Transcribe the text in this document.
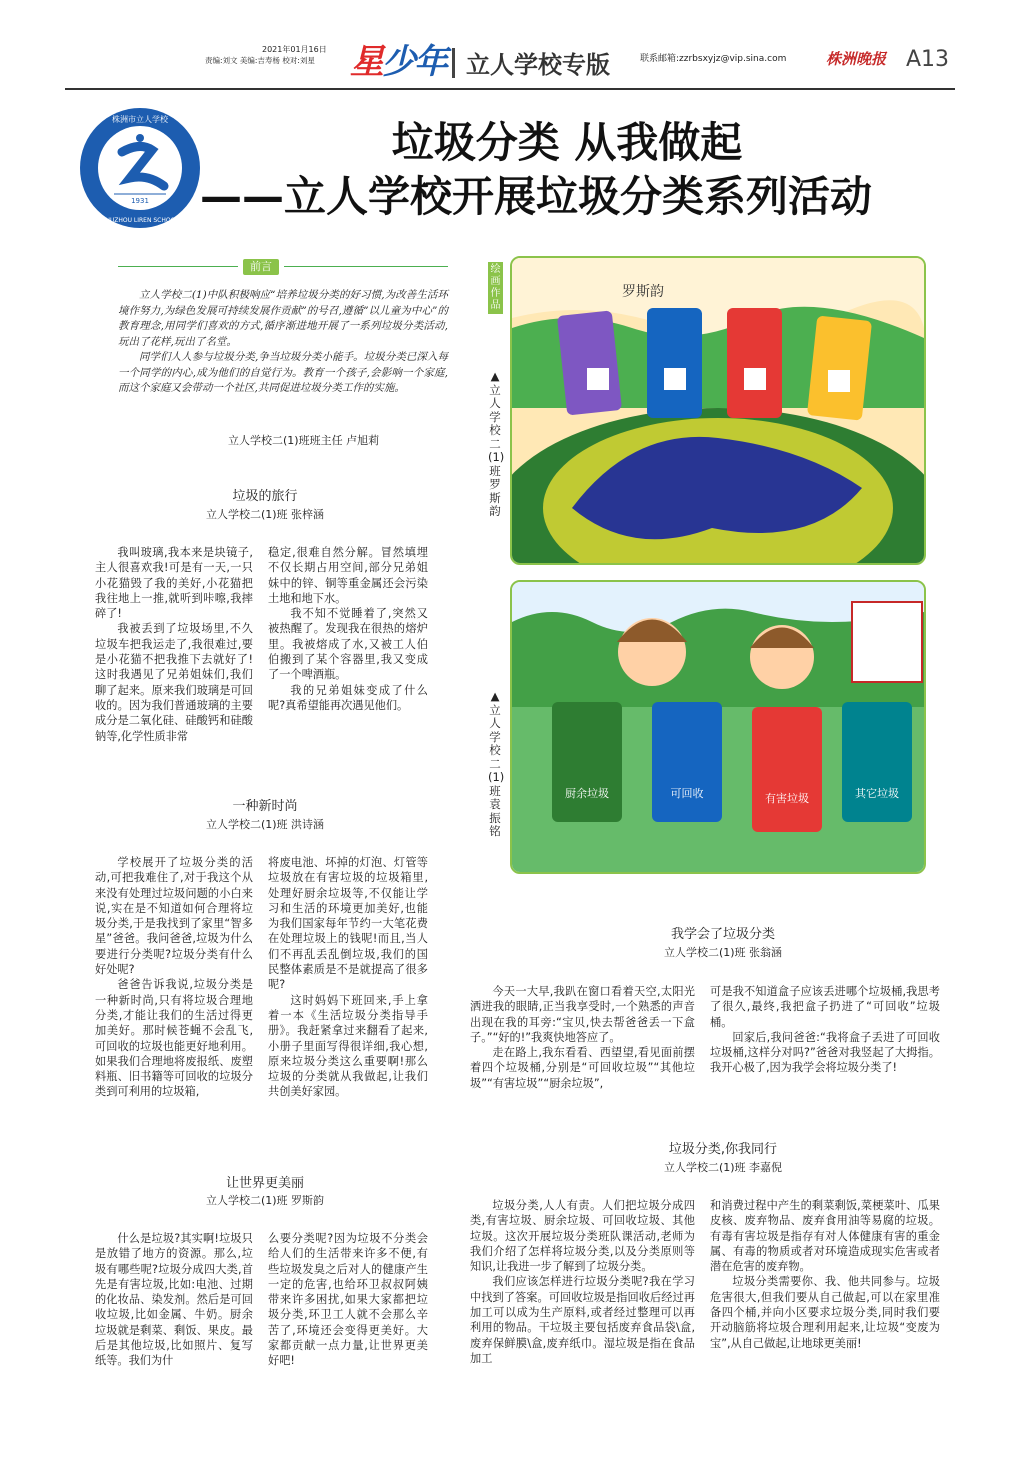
2021年01月16日
责编:刘文 美编:吉寿杨 校对:刘星 星少年 立人学校专版	联系邮箱:zzrbsxyjz@vip.sina.com	株洲晚报 A13
1931
株洲市立人学校
ZHUZHOU LIREN SCHOOL
垃圾分类 从我做起
——立人学校开展垃圾分类系列活动
前言

立人学校二(1)中队积极响应“培养垃圾分类的好习惯,为改善生活环境作努力,为绿色发展可持续发展作贡献”的号召,遵循”以儿童为中心”的教育理念,用同学们喜欢的方式,循序渐进地开展了一系列垃圾分类活动,玩出了花样,玩出了名堂。

同学们人人参与垃圾分类,争当垃圾分类小能手。垃圾分类已深入每一个同学的内心,成为他们的自觉行为。教育一个孩子,会影响一个家庭,而这个家庭又会带动一个社区,共同促进垃圾分类工作的实施。

立人学校二(1)班班主任 卢旭莉
垃圾的旅行
立人学校二(1)班 张梓涵

我叫玻璃,我本来是块镜子,主人很喜欢我!可是有一天,一只小花猫毁了我的美好,小花猫把我往地上一推,就听到咔嚓,我摔碎了!

我被丢到了垃圾场里,不久垃圾车把我运走了,我很难过,要是小花猫不把我推下去就好了!这时我遇见了兄弟姐妹们,我们聊了起来。原来我们玻璃是可回收的。因为我们普通玻璃的主要成分是二氧化硅、硅酸钙和硅酸钠等,化学性质非常

稳定,很难自然分解。冒然填埋不仅长期占用空间,部分兄弟姐妹中的锌、铜等重金属还会污染土地和地下水。

我不知不觉睡着了,突然又被热醒了。发现我在很热的熔炉里。我被熔成了水,又被工人伯伯搬到了某个容器里,我又变成了一个啤酒瓶。

我的兄弟姐妹变成了什么呢?真希望能再次遇见他们。

一种新时尚
立人学校二(1)班 洪诗涵

学校展开了垃圾分类的活动,可把我难住了,对于我这个从来没有处理过垃圾问题的小白来说,实在是不知道如何合理将垃圾分类,于是我找到了家里“智多星”爸爸。我问爸爸,垃圾为什么要进行分类呢?垃圾分类有什么好处呢?

爸爸告诉我说,垃圾分类是一种新时尚,只有将垃圾合理地分类,才能让我们的生活过得更加美好。那时候苍蝇不会乱飞,可回收的垃圾也能更好地利用。如果我们合理地将废报纸、废塑料瓶、旧书籍等可回收的垃圾分类到可利用的垃圾箱,

将废电池、坏掉的灯泡、灯管等垃圾放在有害垃圾的垃圾箱里,处理好厨余垃圾等,不仅能让学习和生活的环境更加美好,也能为我们国家每年节约一大笔花费在处理垃圾上的钱呢!而且,当人们不再乱丢乱倒垃圾,我们的国民整体素质是不是就提高了很多呢?

这时妈妈下班回来,手上拿着一本《生活垃圾分类指导手册》。我赶紧拿过来翻看了起来,小册子里面写得很详细,我心想,原来垃圾分类这么重要啊!那么垃圾的分类就从我做起,让我们共创美好家园。

让世界更美丽
立人学校二(1)班 罗斯韵

什么是垃圾?其实啊!垃圾只是放错了地方的资源。那么,垃圾有哪些呢?垃圾分成四大类,首先是有害垃圾,比如:电池、过期的化妆品、染发剂。然后是可回收垃圾,比如金属、牛奶。厨余垃圾就是剩菜、剩饭、果皮。最后是其他垃圾,比如照片、复写纸等。我们为什

么要分类呢?因为垃圾不分类会给人们的生活带来许多不便,有些垃圾发臭之后对人的健康产生一定的危害,也给环卫叔叔阿姨带来许多困扰,如果大家都把垃圾分类,环卫工人就不会那么辛苦了,环境还会变得更美好。大家都贡献一点力量,让世界更美好吧!

绘画作品
▲立人学校二(1)班 罗斯韵
▲立人学校二(1)班 袁振铭
罗斯韵
厨余垃圾	可回收	有害垃圾	其它垃圾
我学会了垃圾分类
立人学校二(1)班 张翁涵

今天一大早,我趴在窗口看着天空,太阳光洒进我的眼睛,正当我享受时,一个熟悉的声音出现在我的耳旁:“宝贝,快去帮爸爸丢一下盒子。”“好的!”我爽快地答应了。

走在路上,我东看看、西望望,看见面前摆着四个垃圾桶,分别是“可回收垃圾”“其他垃圾”“有害垃圾”“厨余垃圾”,

可是我不知道盒子应该丢进哪个垃圾桶,我思考了很久,最终,我把盒子扔进了“可回收”垃圾桶。

回家后,我问爸爸:“我将盒子丢进了可回收垃圾桶,这样分对吗?”爸爸对我竖起了大拇指。我开心极了,因为我学会将垃圾分类了!

垃圾分类,你我同行
立人学校二(1)班 李嘉倪

垃圾分类,人人有责。人们把垃圾分成四类,有害垃圾、厨余垃圾、可回收垃圾、其他垃圾。这次开展垃圾分类班队课活动,老师为我们介绍了怎样将垃圾分类,以及分类原则等知识,让我进一步了解到了垃圾分类。

我们应该怎样进行垃圾分类呢?我在学习中找到了答案。可回收垃圾是指回收后经过再加工可以成为生产原料,或者经过整理可以再利用的物品。干垃圾主要包括废弃食品袋\盒,废弃保鲜膜\盒,废弃纸巾。湿垃圾是指在食品加工

和消费过程中产生的剩菜剩饭,菜梗菜叶、瓜果皮核、废弃物品、废弃食用油等易腐的垃圾。有毒有害垃圾是指存有对人体健康有害的重金属、有毒的物质或者对环境造成现实危害或者潜在危害的废弃物。

垃圾分类需要你、我、他共同参与。垃圾危害很大,但我们要从自己做起,可以在家里准备四个桶,并向小区要求垃圾分类,同时我们要开动脑筋将垃圾合理利用起来,让垃圾“变废为宝”,从自己做起,让地球更美丽!
